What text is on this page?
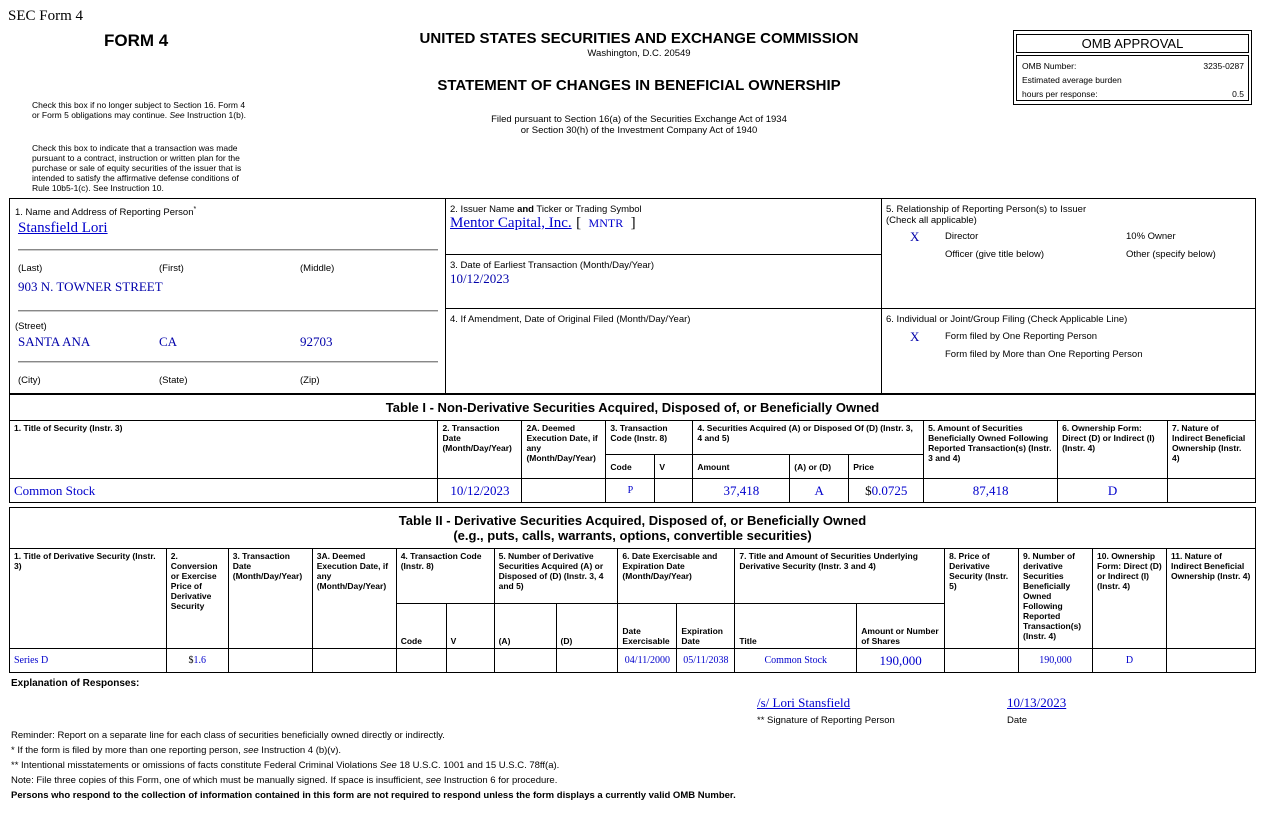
SEC Form 4
FORM 4	UNITED STATES SECURITIES AND EXCHANGE COMMISSION
Washington, D.C. 20549
STATEMENT OF CHANGES IN BENEFICIAL OWNERSHIP
Filed pursuant to Section 16(a) of the Securities Exchange Act of 1934
or Section 30(h) of the Investment Company Act of 1940
OMB APPROVAL
OMB Number:	3235-0287
Estimated average burden
hours per response:	0.5
Check this box if no longer subject to Section 16. Form 4
or Form 5 obligations may continue. See Instruction 1(b).
Check this box to indicate that a transaction was made
pursuant to a contract, instruction or written plan for the
purchase or sale of equity securities of the issuer that is
intended to satisfy the affirmative defense conditions of
Rule 10b5-1(c). See Instruction 10.
1. Name and Address of Reporting Person*
Stansfield Lori
(Last)	(First)	(Middle)
903 N. TOWNER STREET
(Street)
SANTA ANA	CA	92703
(City)	(State)	(Zip)
2. Issuer Name and Ticker or Trading Symbol
Mentor Capital, Inc. [ MNTR ]
3. Date of Earliest Transaction (Month/Day/Year)
10/12/2023
4. If Amendment, Date of Original Filed (Month/Day/Year)
5. Relationship of Reporting Person(s) to Issuer
(Check all applicable)
X	Director	10% Owner
Officer (give title below)	Other (specify below)
6. Individual or Joint/Group Filing (Check Applicable Line)
X	Form filed by One Reporting Person
Form filed by More than One Reporting Person
Table I - Non-Derivative Securities Acquired, Disposed of, or Beneficially Owned										
1. Title of Security (Instr. 3)	2. Transaction Date (Month/Day/Year)	2A. Deemed Execution Date, if any (Month/Day/Year)	3. Transaction Code (Instr. 8)		4. Securities Acquired (A) or Disposed Of (D) (Instr. 3, 4 and 5)			5. Amount of Securities Beneficially Owned Following Reported Transaction(s) (Instr. 3 and 4)	6. Ownership Form: Direct (D) or Indirect (I) (Instr. 4)	7. Nature of Indirect Beneficial Ownership (Instr. 4)
			Code	V	Amount	(A) or (D)	Price			
Common Stock	10/12/2023		P		37,418	A	$0.0725	87,418	D	
Table II - Derivative Securities Acquired, Disposed of, or Beneficially Owned
(e.g., puts, calls, warrants, options, convertible securities)															

1. Title of Derivative Security (Instr. 3)	2. Conversion or Exercise Price of Derivative Security	3. Transaction Date (Month/Day/Year)	3A. Deemed Execution Date, if any (Month/Day/Year)	4. Transaction Code (Instr. 8)		5. Number of Derivative Securities Acquired (A) or Disposed of (D) (Instr. 3, 4 and 5)		6. Date Exercisable and Expiration Date (Month/Day/Year)		7. Title and Amount of Securities Underlying Derivative Security (Instr. 3 and 4)		8. Price of Derivative Security (Instr. 5)	9. Number of derivative Securities Beneficially Owned Following Reported Transaction(s) (Instr. 4)	10. Ownership Form: Direct (D) or Indirect (I) (Instr. 4)	11. Nature of Indirect Beneficial Ownership (Instr. 4)
				Code	V	(A)	(D)	Date Exercisable	Expiration Date	Title	Amount or Number of Shares				
Series D	$1.6							04/11/2000	05/11/2038	Common Stock	190,000		190,000	D	
Explanation of Responses:
/s/ Lori Stansfield	10/13/2023
** Signature of Reporting Person	Date
Reminder: Report on a separate line for each class of securities beneficially owned directly or indirectly.
* If the form is filed by more than one reporting person, see Instruction 4 (b)(v).
** Intentional misstatements or omissions of facts constitute Federal Criminal Violations See 18 U.S.C. 1001 and 15 U.S.C. 78ff(a).
Note: File three copies of this Form, one of which must be manually signed. If space is insufficient, see Instruction 6 for procedure.
Persons who respond to the collection of information contained in this form are not required to respond unless the form displays a currently valid OMB Number.
